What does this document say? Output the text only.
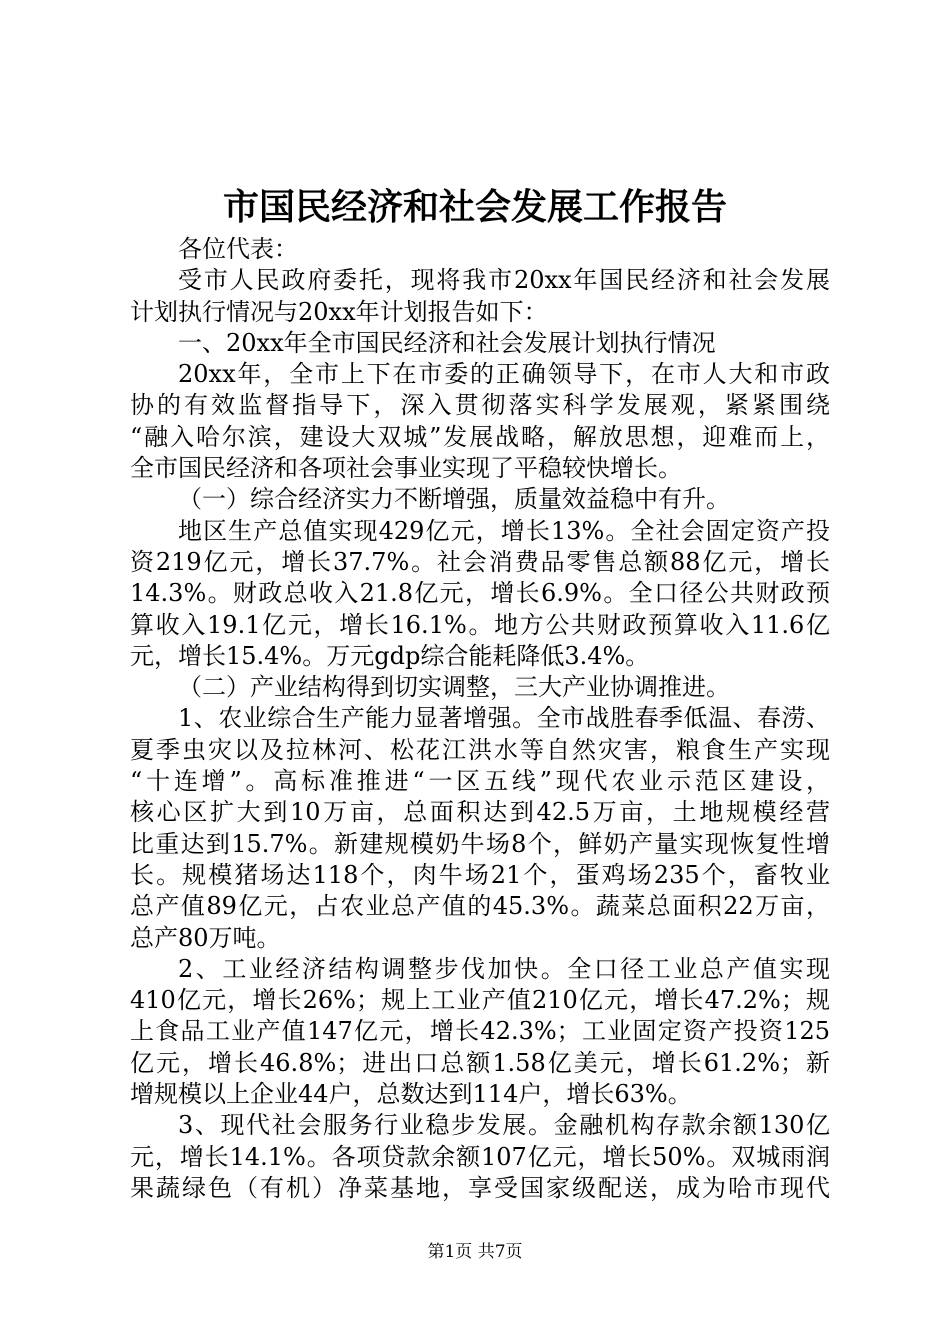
市国民经济和社会发展工作报告
各位代表：
受市人民政府委托，现将我市20xx年国民经济和社会发展
计划执行情况与20xx年计划报告如下：
一、20xx年全市国民经济和社会发展计划执行情况
20xx年，全市上下在市委的正确领导下，在市人大和市政
协的有效监督指导下，深入贯彻落实科学发展观，紧紧围绕
“融入哈尔滨，建设大双城”发展战略，解放思想，迎难而上，
全市国民经济和各项社会事业实现了平稳较快增长。
（一）综合经济实力不断增强，质量效益稳中有升。
地区生产总值实现429亿元，增长13%。全社会固定资产投
资219亿元，增长37.7%。社会消费品零售总额88亿元，增长
14.3%。财政总收入21.8亿元，增长6.9%。全口径公共财政预
算收入19.1亿元，增长16.1%。地方公共财政预算收入11.6亿
元，增长15.4%。万元gdp综合能耗降低3.4%。
（二）产业结构得到切实调整，三大产业协调推进。
1、农业综合生产能力显著增强。全市战胜春季低温、春涝、
夏季虫灾以及拉林河、松花江洪水等自然灾害，粮食生产实现
“十连增”。高标准推进“一区五线”现代农业示范区建设，
核心区扩大到10万亩，总面积达到42.5万亩，土地规模经营
比重达到15.7%。新建规模奶牛场8个，鲜奶产量实现恢复性增
长。规模猪场达118个，肉牛场21个，蛋鸡场235个，畜牧业
总产值89亿元，占农业总产值的45.3%。蔬菜总面积22万亩，
总产80万吨。
2、工业经济结构调整步伐加快。全口径工业总产值实现
410亿元，增长26%；规上工业产值210亿元，增长47.2%；规
上食品工业产值147亿元，增长42.3%；工业固定资产投资125
亿元，增长46.8%；进出口总额1.58亿美元，增长61.2%；新
增规模以上企业44户，总数达到114户，增长63%。
3、现代社会服务行业稳步发展。金融机构存款余额130亿
元，增长14.1%。各项贷款余额107亿元，增长50%。双城雨润
果蔬绿色（有机）净菜基地，享受国家级配送，成为哈市现代
第1页 共7页
